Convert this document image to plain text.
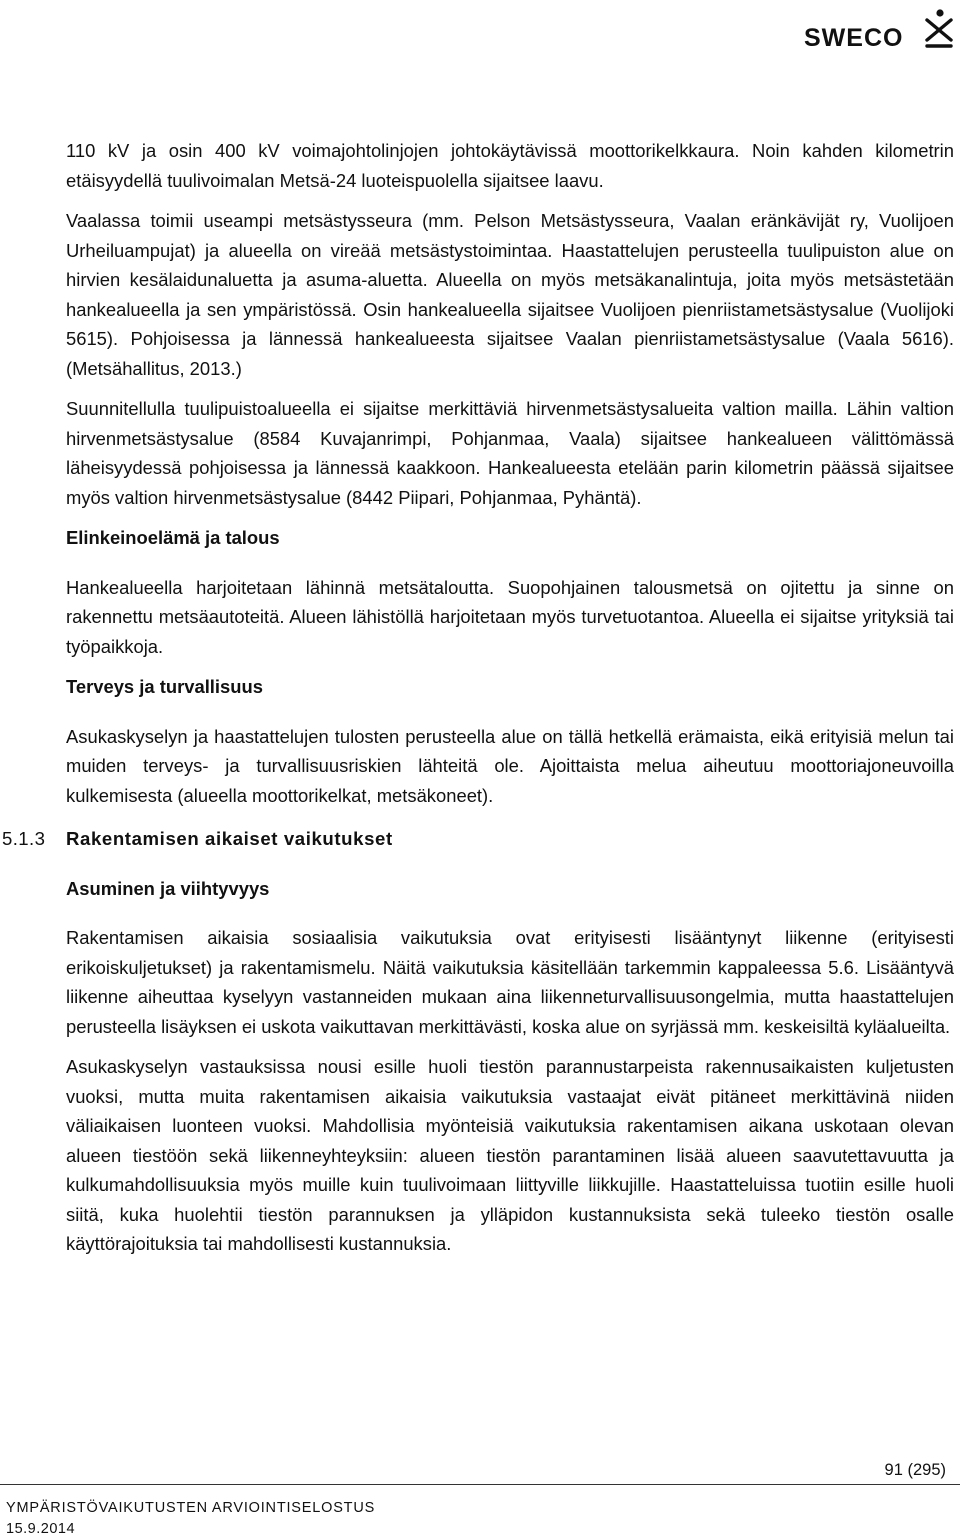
SWECO

110 kV ja osin 400 kV voimajohtolinjojen johtokäytävissä moottorikelkkaura. Noin kahden kilometrin etäisyydellä tuulivoimalan Metsä-24 luoteispuolella sijaitsee laavu.

Vaalassa toimii useampi metsästysseura (mm. Pelson Metsästysseura, Vaalan eränkävijät ry, Vuolijoen Urheiluampujat) ja alueella on vireää metsästystoimintaa. Haastattelujen perusteella tuulipuiston alue on hirvien kesälaidunaluetta ja asuma-aluetta. Alueella on myös metsäkanalintuja, joita myös metsästetään hankealueella ja sen ympäristössä. Osin hankealueella sijaitsee Vuolijoen pienriistametsästysalue (Vuolijoki 5615). Pohjoisessa ja lännessä hankealueesta sijaitsee Vaalan pienriistametsästysalue (Vaala 5616). (Metsähallitus, 2013.)

Suunnitellulla tuulipuistoalueella ei sijaitse merkittäviä hirvenmetsästysalueita valtion mailla. Lähin valtion hirvenmetsästysalue (8584 Kuvajanrimpi, Pohjanmaa, Vaala) sijaitsee hankealueen välittömässä läheisyydessä pohjoisessa ja lännessä kaakkoon. Hankealueesta etelään parin kilometrin päässä sijaitsee myös valtion hirvenmetsästysalue (8442 Piipari, Pohjanmaa, Pyhäntä).

Elinkeinoelämä ja talous

Hankealueella harjoitetaan lähinnä metsätaloutta. Suopohjainen talousmetsä on ojitettu ja sinne on rakennettu metsäautoteitä. Alueen lähistöllä harjoitetaan myös turvetuotantoa. Alueella ei sijaitse yrityksiä tai työpaikkoja.

Terveys ja turvallisuus

Asukaskyselyn ja haastattelujen tulosten perusteella alue on tällä hetkellä erämaista, eikä erityisiä melun tai muiden terveys- ja turvallisuusriskien lähteitä ole. Ajoittaista melua aiheutuu moottoriajoneuvoilla kulkemisesta (alueella moottorikelkat, metsäkoneet).

5.1.3 Rakentamisen aikaiset vaikutukset
Asuminen ja viihtyvyys

Rakentamisen aikaisia sosiaalisia vaikutuksia ovat erityisesti lisääntynyt liikenne (erityisesti erikoiskuljetukset) ja rakentamismelu. Näitä vaikutuksia käsitellään tarkemmin kappaleessa 5.6. Lisääntyvä liikenne aiheuttaa kyselyyn vastanneiden mukaan aina liikenneturvallisuusongelmia, mutta haastattelujen perusteella lisäyksen ei uskota vaikuttavan merkittävästi, koska alue on syrjässä mm. keskeisiltä kyläalueilta.

Asukaskyselyn vastauksissa nousi esille huoli tiestön parannustarpeista rakennusaikaisten kuljetusten vuoksi, mutta muita rakentamisen aikaisia vaikutuksia vastaajat eivät pitäneet merkittävinä niiden väliaikaisen luonteen vuoksi. Mahdollisia myönteisiä vaikutuksia rakentamisen aikana uskotaan olevan alueen tiestöön sekä liikenneyhteyksiin: alueen tiestön parantaminen lisää alueen saavutettavuutta ja kulkumahdollisuuksia myös muille kuin tuulivoimaan liittyville liikkujille. Haastatteluissa tuotiin esille huoli siitä, kuka huolehtii tiestön parannuksen ja ylläpidon kustannuksista sekä tuleeko tiestön osalle käyttörajoituksia tai mahdollisesti kustannuksia.

91 (295)
YMPÄRISTÖVAIKUTUSTEN ARVIOINTISELOSTUS
15.9.2014
